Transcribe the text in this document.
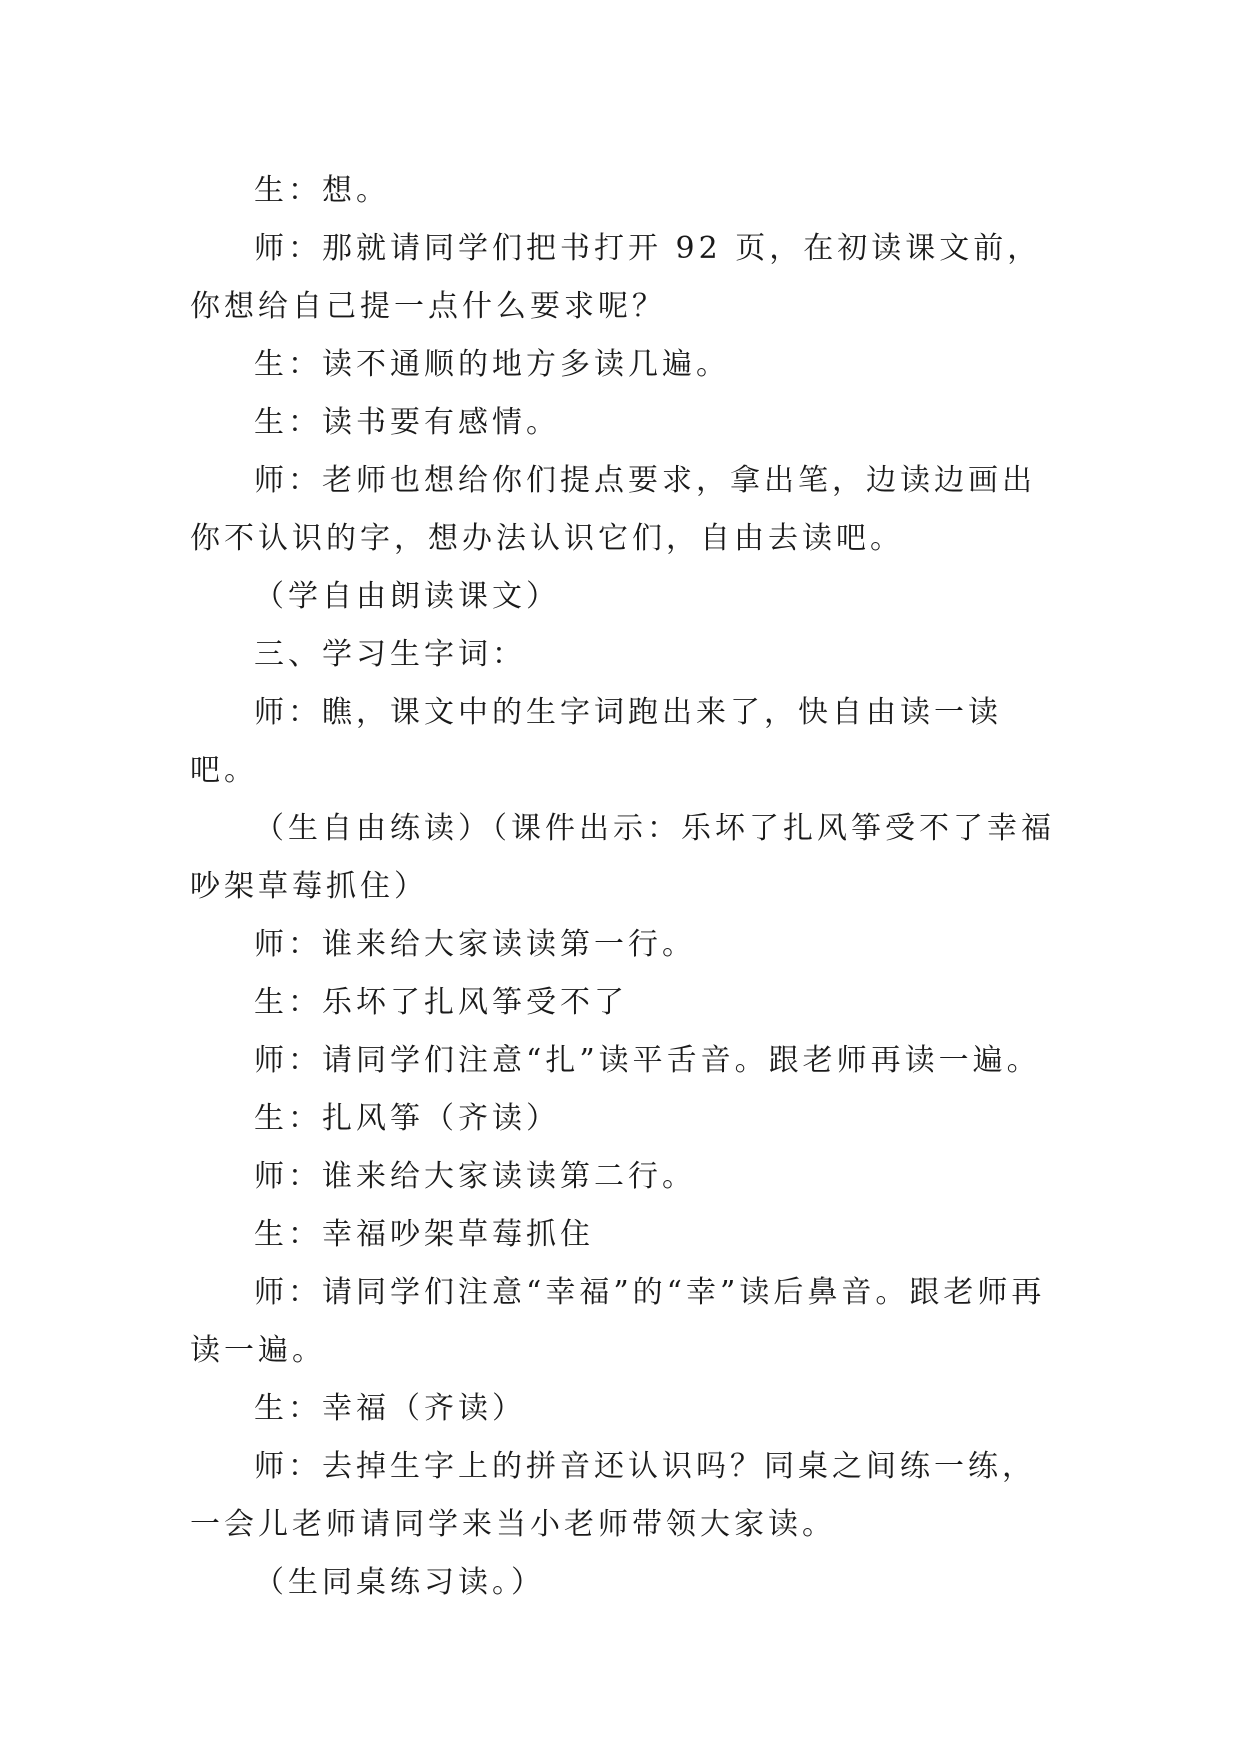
生：想。

师：那就请同学们把书打开 92 页，在初读课文前，你想给自己提一点什么要求呢？

生：读不通顺的地方多读几遍。

生：读书要有感情。

师：老师也想给你们提点要求，拿出笔，边读边画出你不认识的字，想办法认识它们，自由去读吧。

（学自由朗读课文）

三、学习生字词：

师：瞧，课文中的生字词跑出来了，快自由读一读吧。

（生自由练读）（课件出示：乐坏了扎风筝受不了幸福吵架草莓抓住）

师：谁来给大家读读第一行。

生：乐坏了扎风筝受不了

师：请同学们注意“扎”读平舌音。跟老师再读一遍。

生：扎风筝（齐读）

师：谁来给大家读读第二行。

生：幸福吵架草莓抓住

师：请同学们注意“幸福”的“幸”读后鼻音。跟老师再读一遍。

生：幸福（齐读）

师：去掉生字上的拼音还认识吗？同桌之间练一练，一会儿老师请同学来当小老师带领大家读。

（生同桌练习读。）
